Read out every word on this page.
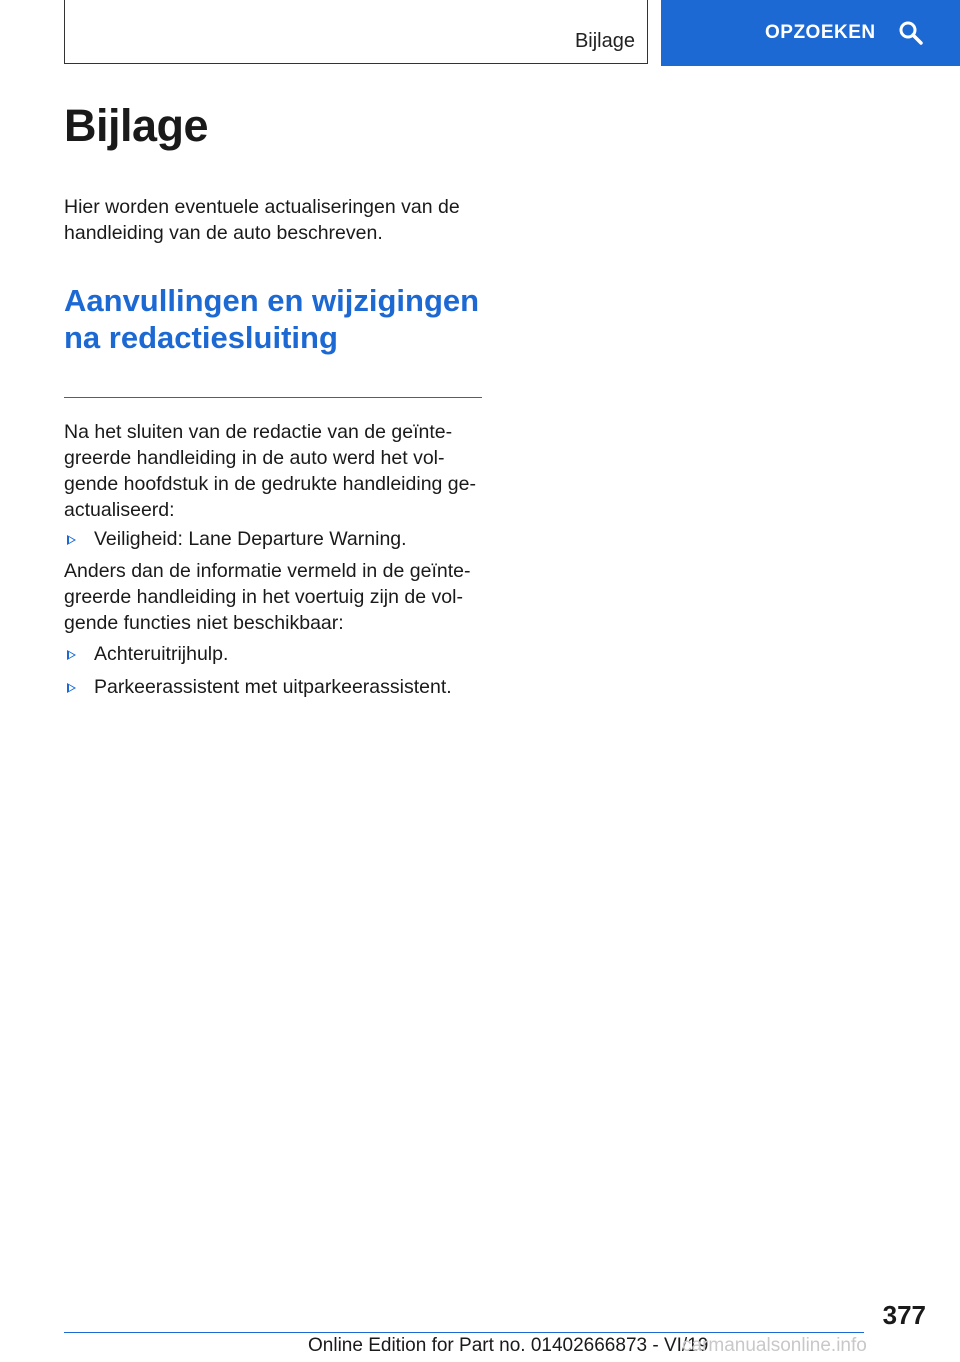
Bijlage	OPZOEKEN
Bijlage

Hier worden eventuele actualiseringen van de handleiding van de auto beschreven.

Aanvullingen en wijzigingen na redactiesluiting

Na het sluiten van de redactie van de geïntegreerde handleiding in de auto werd het volgende hoofdstuk in de gedrukte handleiding geactualiseerd:

Veiligheid: Lane Departure Warning.

Anders dan de informatie vermeld in de geïntegreerde handleiding in het voertuig zijn de volgende functies niet beschikbaar:

Achteruitrijhulp.
Parkeerassistent met uitparkeerassistent.
377
Online Edition for Part no. 01402666873 - VI/19
carmanualsonline.info
